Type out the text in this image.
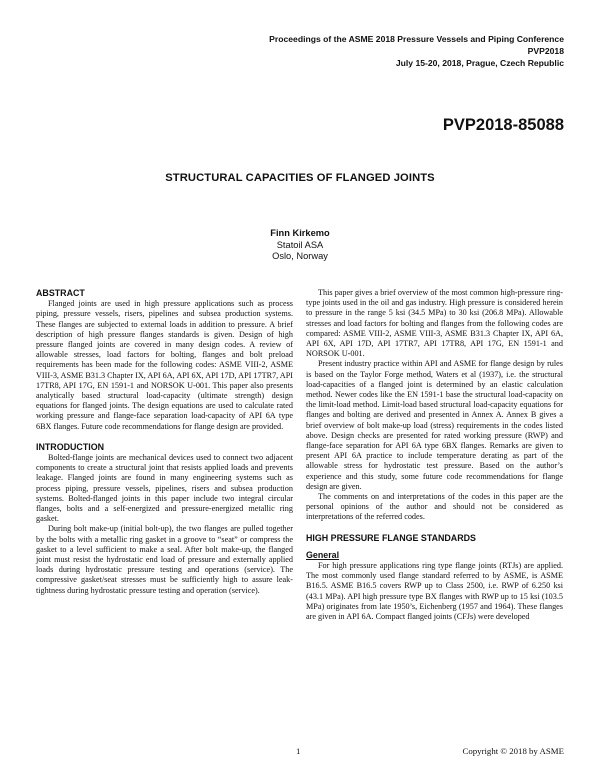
Proceedings of the ASME 2018 Pressure Vessels and Piping Conference
PVP2018
July 15-20, 2018, Prague, Czech Republic
PVP2018-85088
STRUCTURAL CAPACITIES OF FLANGED JOINTS
Finn Kirkemo
Statoil ASA
Oslo, Norway
ABSTRACT

Flanged joints are used in high pressure applications such as process piping, pressure vessels, risers, pipelines and subsea production systems. These flanges are subjected to external loads in addition to pressure. A brief description of high pressure flanges standards is given. Design of high pressure flanged joints are covered in many design codes. A review of allowable stresses, load factors for bolting, flanges and bolt preload requirements has been made for the following codes: ASME VIII-2, ASME VIII-3, ASME B31.3 Chapter IX, API 6A, API 6X, API 17D, API 17TR7, API 17TR8, API 17G, EN 1591-1 and NORSOK U-001. This paper also presents analytically based structural load-capacity (ultimate strength) design equations for flanged joints. The design equations are used to calculate rated working pressure and flange-face separation load-capacity of API 6A type 6BX flanges. Future code recommendations for flange design are provided.

INTRODUCTION

Bolted-flange joints are mechanical devices used to connect two adjacent components to create a structural joint that resists applied loads and prevents leakage. Flanged joints are found in many engineering systems such as process piping, pressure vessels, pipelines, risers and subsea production systems. Bolted-flanged joints in this paper include two integral circular flanges, bolts and a self-energized and pressure-energized metallic ring gasket.

During bolt make-up (initial bolt-up), the two flanges are pulled together by the bolts with a metallic ring gasket in a groove to “seat” or compress the gasket to a level sufficient to make a seal. After bolt make-up, the flanged joint must resist the hydrostatic end load of pressure and externally applied loads during hydrostatic pressure testing and operations (service). The compressive gasket/seat stresses must be sufficiently high to assure leak-tightness during hydrostatic pressure testing and operation (service).

This paper gives a brief overview of the most common high-pressure ring-type joints used in the oil and gas industry. High pressure is considered herein to pressure in the range 5 ksi (34.5 MPa) to 30 ksi (206.8 MPa). Allowable stresses and load factors for bolting and flanges from the following codes are compared: ASME VIII-2, ASME VIII-3, ASME B31.3 Chapter IX, API 6A, API 6X, API 17D, API 17TR7, API 17TR8, API 17G, EN 1591-1 and NORSOK U-001.

Present industry practice within API and ASME for flange design by rules is based on the Taylor Forge method, Waters et al (1937), i.e. the structural load-capacities of a flanged joint is determined by an elastic calculation method. Newer codes like the EN 1591-1 base the structural load-capacity on the limit-load method. Limit-load based structural load-capacity equations for flanges and bolting are derived and presented in Annex A. Annex B gives a brief overview of bolt make-up load (stress) requirements in the codes listed above. Design checks are presented for rated working pressure (RWP) and flange-face separation for API 6A type 6BX flanges. Remarks are given to present API 6A practice to include temperature derating as part of the allowable stress for hydrostatic test pressure. Based on the author’s experience and this study, some future code recommendations for flange design are given.

The comments on and interpretations of the codes in this paper are the personal opinions of the author and should not be considered as interpretations of the referred codes.

HIGH PRESSURE FLANGE STANDARDS
General

For high pressure applications ring type flange joints (RTJs) are applied. The most commonly used flange standard referred to by ASME, is ASME B16.5. ASME B16.5 covers RWP up to Class 2500, i.e. RWP of 6.250 ksi (43.1 MPa). API high pressure type BX flanges with RWP up to 15 ksi (103.5 MPa) originates from late 1950’s, Eichenberg (1957 and 1964). These flanges are given in API 6A. Compact flanged joints (CFJs) were developed

1	Copyright © 2018 by ASME
